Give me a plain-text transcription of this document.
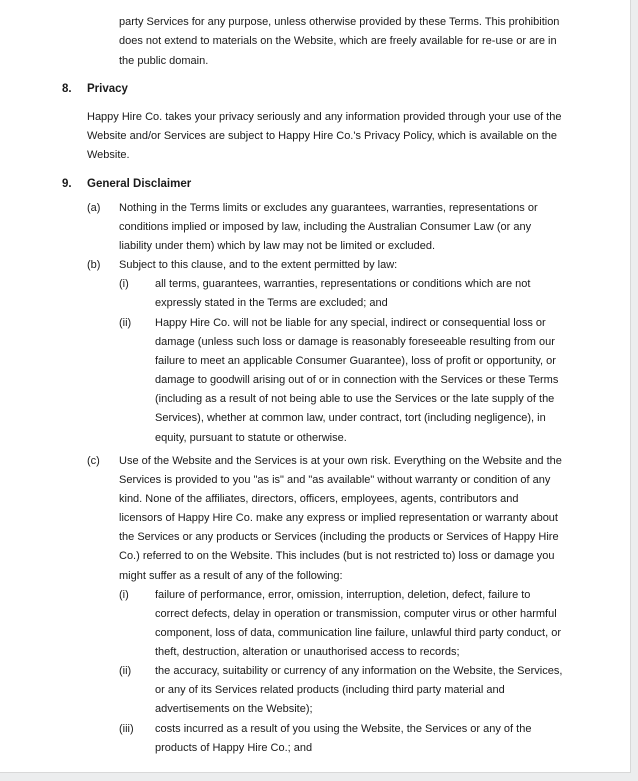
party Services for any purpose, unless otherwise provided by these Terms. This prohibition
does not extend to materials on the Website, which are freely available for re-use or are in
the public domain.
8. Privacy
Happy Hire Co. takes your privacy seriously and any information provided through your use of the
Website and/or Services are subject to Happy Hire Co.'s Privacy Policy, which is available on the
Website.
9. General Disclaimer
(a) Nothing in the Terms limits or excludes any guarantees, warranties, representations or
conditions implied or imposed by law, including the Australian Consumer Law (or any
liability under them) which by law may not be limited or excluded.
(b) Subject to this clause, and to the extent permitted by law:
(i) all terms, guarantees, warranties, representations or conditions which are not
expressly stated in the Terms are excluded; and
(ii) Happy Hire Co. will not be liable for any special, indirect or consequential loss or
damage (unless such loss or damage is reasonably foreseeable resulting from our
failure to meet an applicable Consumer Guarantee), loss of profit or opportunity, or
damage to goodwill arising out of or in connection with the Services or these Terms
(including as a result of not being able to use the Services or the late supply of the
Services), whether at common law, under contract, tort (including negligence), in
equity, pursuant to statute or otherwise.
(c) Use of the Website and the Services is at your own risk. Everything on the Website and the
Services is provided to you "as is" and "as available" without warranty or condition of any
kind. None of the affiliates, directors, officers, employees, agents, contributors and
licensors of Happy Hire Co. make any express or implied representation or warranty about
the Services or any products or Services (including the products or Services of Happy Hire
Co.) referred to on the Website. This includes (but is not restricted to) loss or damage you
might suffer as a result of any of the following:
(i) failure of performance, error, omission, interruption, deletion, defect, failure to
correct defects, delay in operation or transmission, computer virus or other harmful
component, loss of data, communication line failure, unlawful third party conduct, or
theft, destruction, alteration or unauthorised access to records;
(ii) the accuracy, suitability or currency of any information on the Website, the Services,
or any of its Services related products (including third party material and
advertisements on the Website);
(iii) costs incurred as a result of you using the Website, the Services or any of the
products of Happy Hire Co.; and
